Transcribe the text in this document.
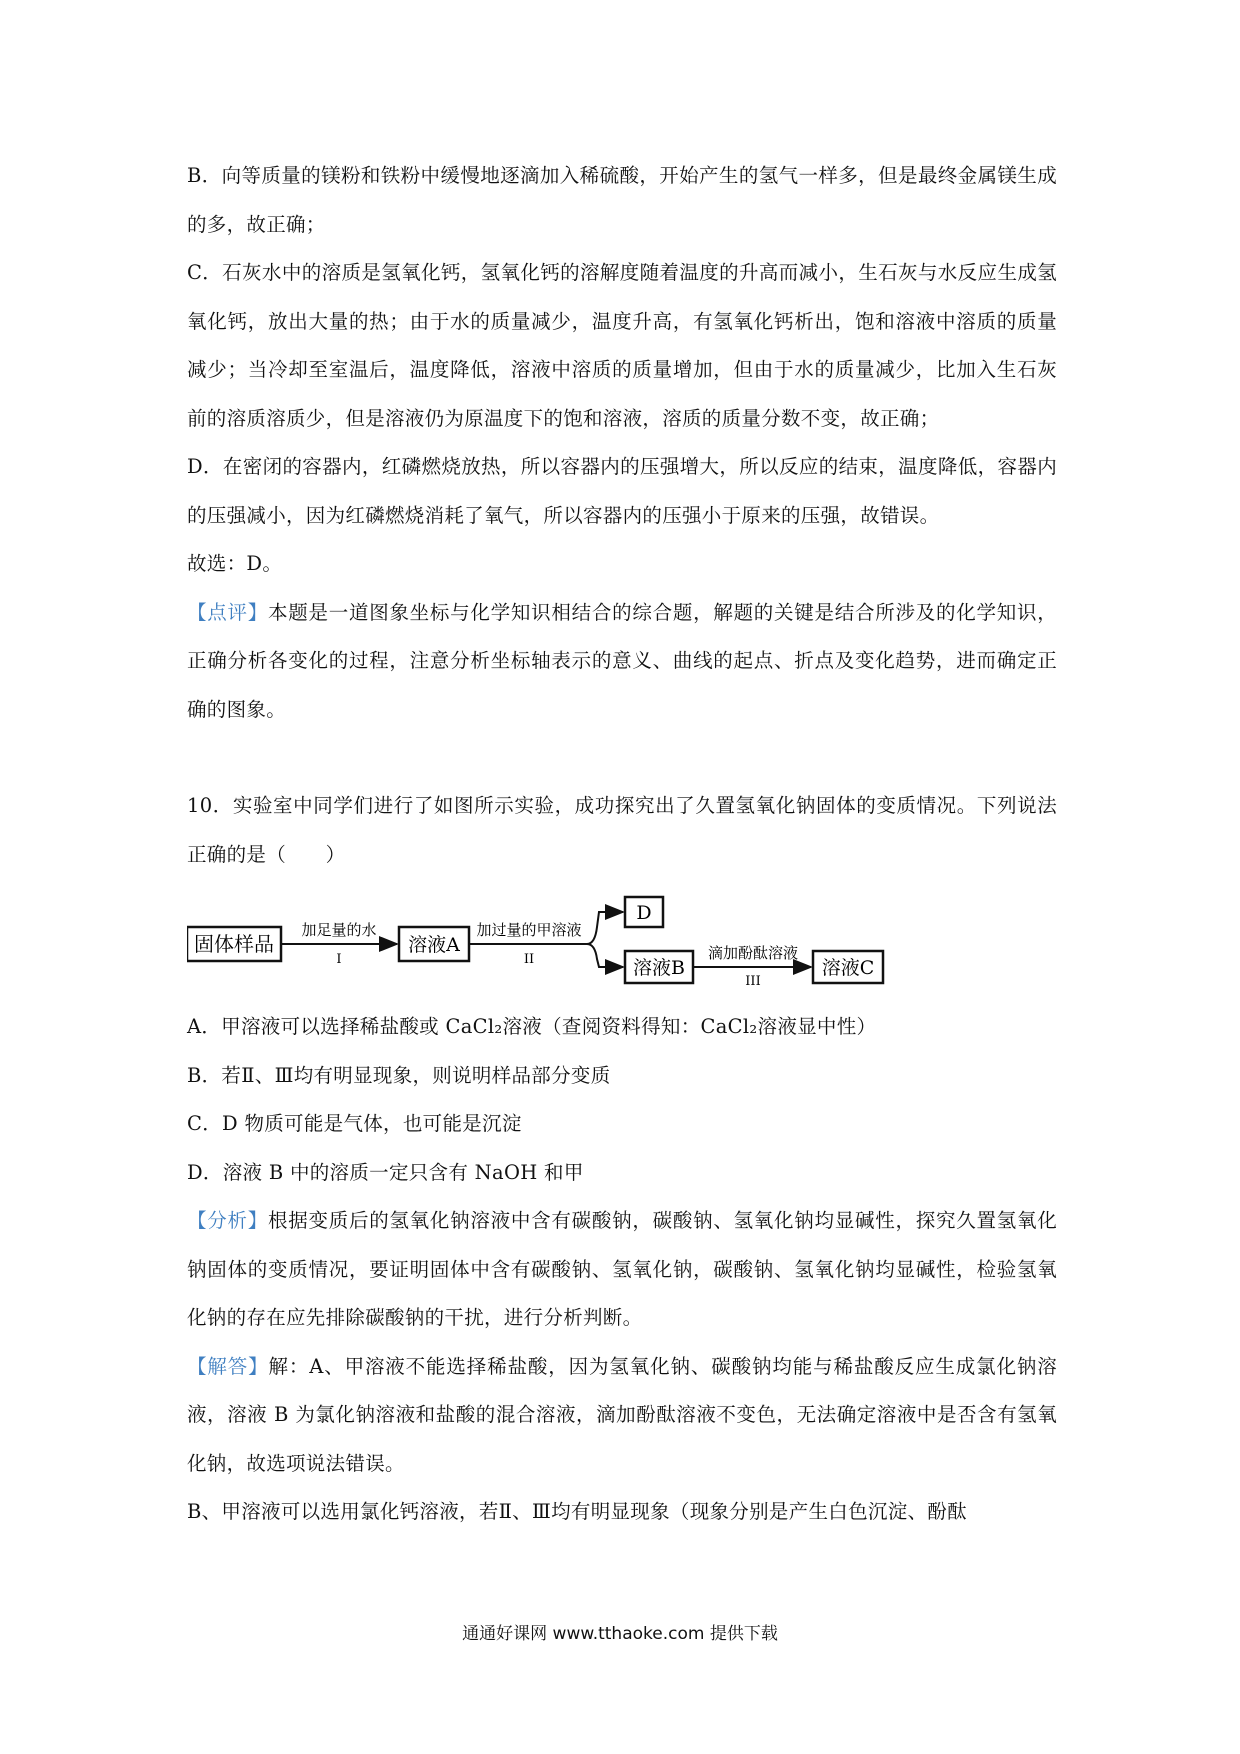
B．向等质量的镁粉和铁粉中缓慢地逐滴加入稀硫酸，开始产生的氢气一样多，但是最终金属镁生成的多，故正确；

C．石灰水中的溶质是氢氧化钙，氢氧化钙的溶解度随着温度的升高而减小，生石灰与水反应生成氢氧化钙，放出大量的热；由于水的质量减少，温度升高，有氢氧化钙析出，饱和溶液中溶质的质量减少；当冷却至室温后，温度降低，溶液中溶质的质量增加，但由于水的质量减少，比加入生石灰前的溶质溶质少，但是溶液仍为原温度下的饱和溶液，溶质的质量分数不变，故正确；

D．在密闭的容器内，红磷燃烧放热，所以容器内的压强增大，所以反应的结束，温度降低，容器内的压强减小，因为红磷燃烧消耗了氧气，所以容器内的压强小于原来的压强，故错误。

故选：D。

【点评】本题是一道图象坐标与化学知识相结合的综合题，解题的关键是结合所涉及的化学知识，正确分析各变化的过程，注意分析坐标轴表示的意义、曲线的起点、折点及变化趋势，进而确定正确的图象。

10．实验室中同学们进行了如图所示实验，成功探究出了久置氢氧化钠固体的变质情况。下列说法正确的是（　　）

固体样品
加足量的水
I
溶液A
加过量的甲溶液
II
D
溶液B
滴加酚酞溶液
III
溶液C

A．甲溶液可以选择稀盐酸或 CaCl₂溶液（查阅资料得知：CaCl₂溶液显中性）

B．若Ⅱ、Ⅲ均有明显现象，则说明样品部分变质

C．D 物质可能是气体，也可能是沉淀

D．溶液 B 中的溶质一定只含有 NaOH 和甲

【分析】根据变质后的氢氧化钠溶液中含有碳酸钠，碳酸钠、氢氧化钠均显碱性，探究久置氢氧化钠固体的变质情况，要证明固体中含有碳酸钠、氢氧化钠，碳酸钠、氢氧化钠均显碱性，检验氢氧化钠的存在应先排除碳酸钠的干扰，进行分析判断。

【解答】解：A、甲溶液不能选择稀盐酸，因为氢氧化钠、碳酸钠均能与稀盐酸反应生成氯化钠溶液，溶液 B 为氯化钠溶液和盐酸的混合溶液，滴加酚酞溶液不变色，无法确定溶液中是否含有氢氧化钠，故选项说法错误。

B、甲溶液可以选用氯化钙溶液，若Ⅱ、Ⅲ均有明显现象（现象分别是产生白色沉淀、酚酞

通通好课网 www.tthaoke.com 提供下载
